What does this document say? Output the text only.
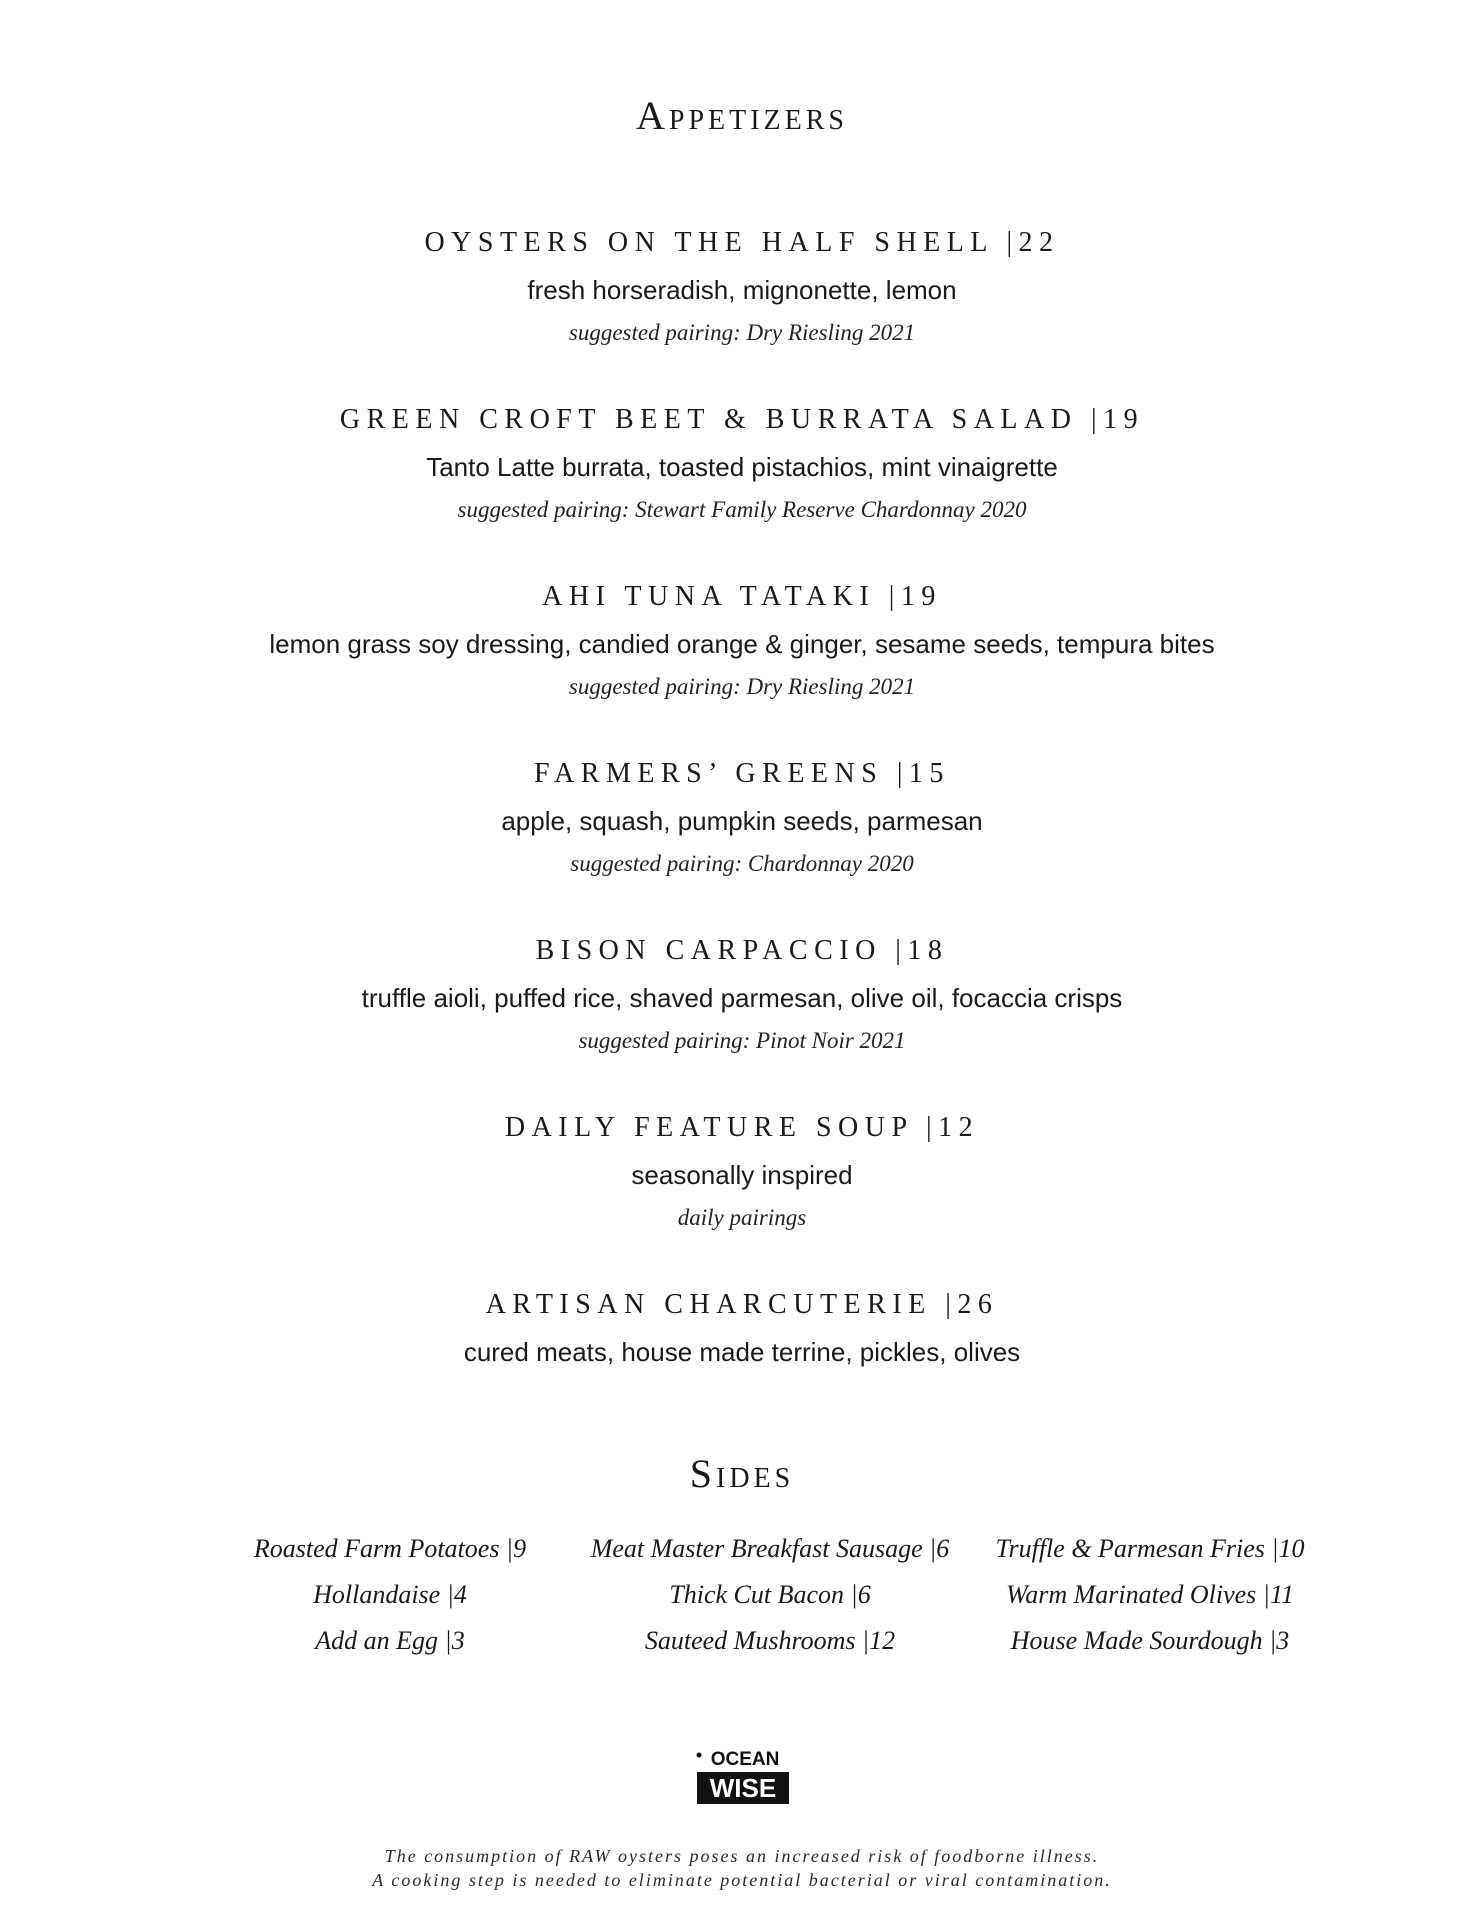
Appetizers
OYSTERS ON THE HALF SHELL |22
fresh horseradish, mignonette, lemon
suggested pairing: Dry Riesling 2021
GREEN CROFT BEET & BURRATA SALAD |19
Tanto Latte burrata, toasted pistachios, mint vinaigrette
suggested pairing: Stewart Family Reserve Chardonnay 2020
AHI TUNA TATAKI |19
lemon grass soy dressing, candied orange & ginger, sesame seeds, tempura bites
suggested pairing: Dry Riesling 2021
FARMERS’ GREENS |15
apple, squash, pumpkin seeds, parmesan
suggested pairing: Chardonnay 2020
BISON CARPACCIO |18
truffle aioli, puffed rice, shaved parmesan, olive oil, focaccia crisps
suggested pairing: Pinot Noir 2021
DAILY FEATURE SOUP |12
seasonally inspired
daily pairings
ARTISAN CHARCUTERIE |26
cured meats, house made terrine, pickles, olives
Sides
Roasted Farm Potatoes |9
Hollandaise |4
Add an Egg |3
Meat Master Breakfast Sausage |6
Thick Cut Bacon |6
Sauteed Mushrooms |12
Truffle & Parmesan Fries |10
Warm Marinated Olives |11
House Made Sourdough |3
OCEAN
WISE
The consumption of RAW oysters poses an increased risk of foodborne illness.
A cooking step is needed to eliminate potential bacterial or viral contamination.
